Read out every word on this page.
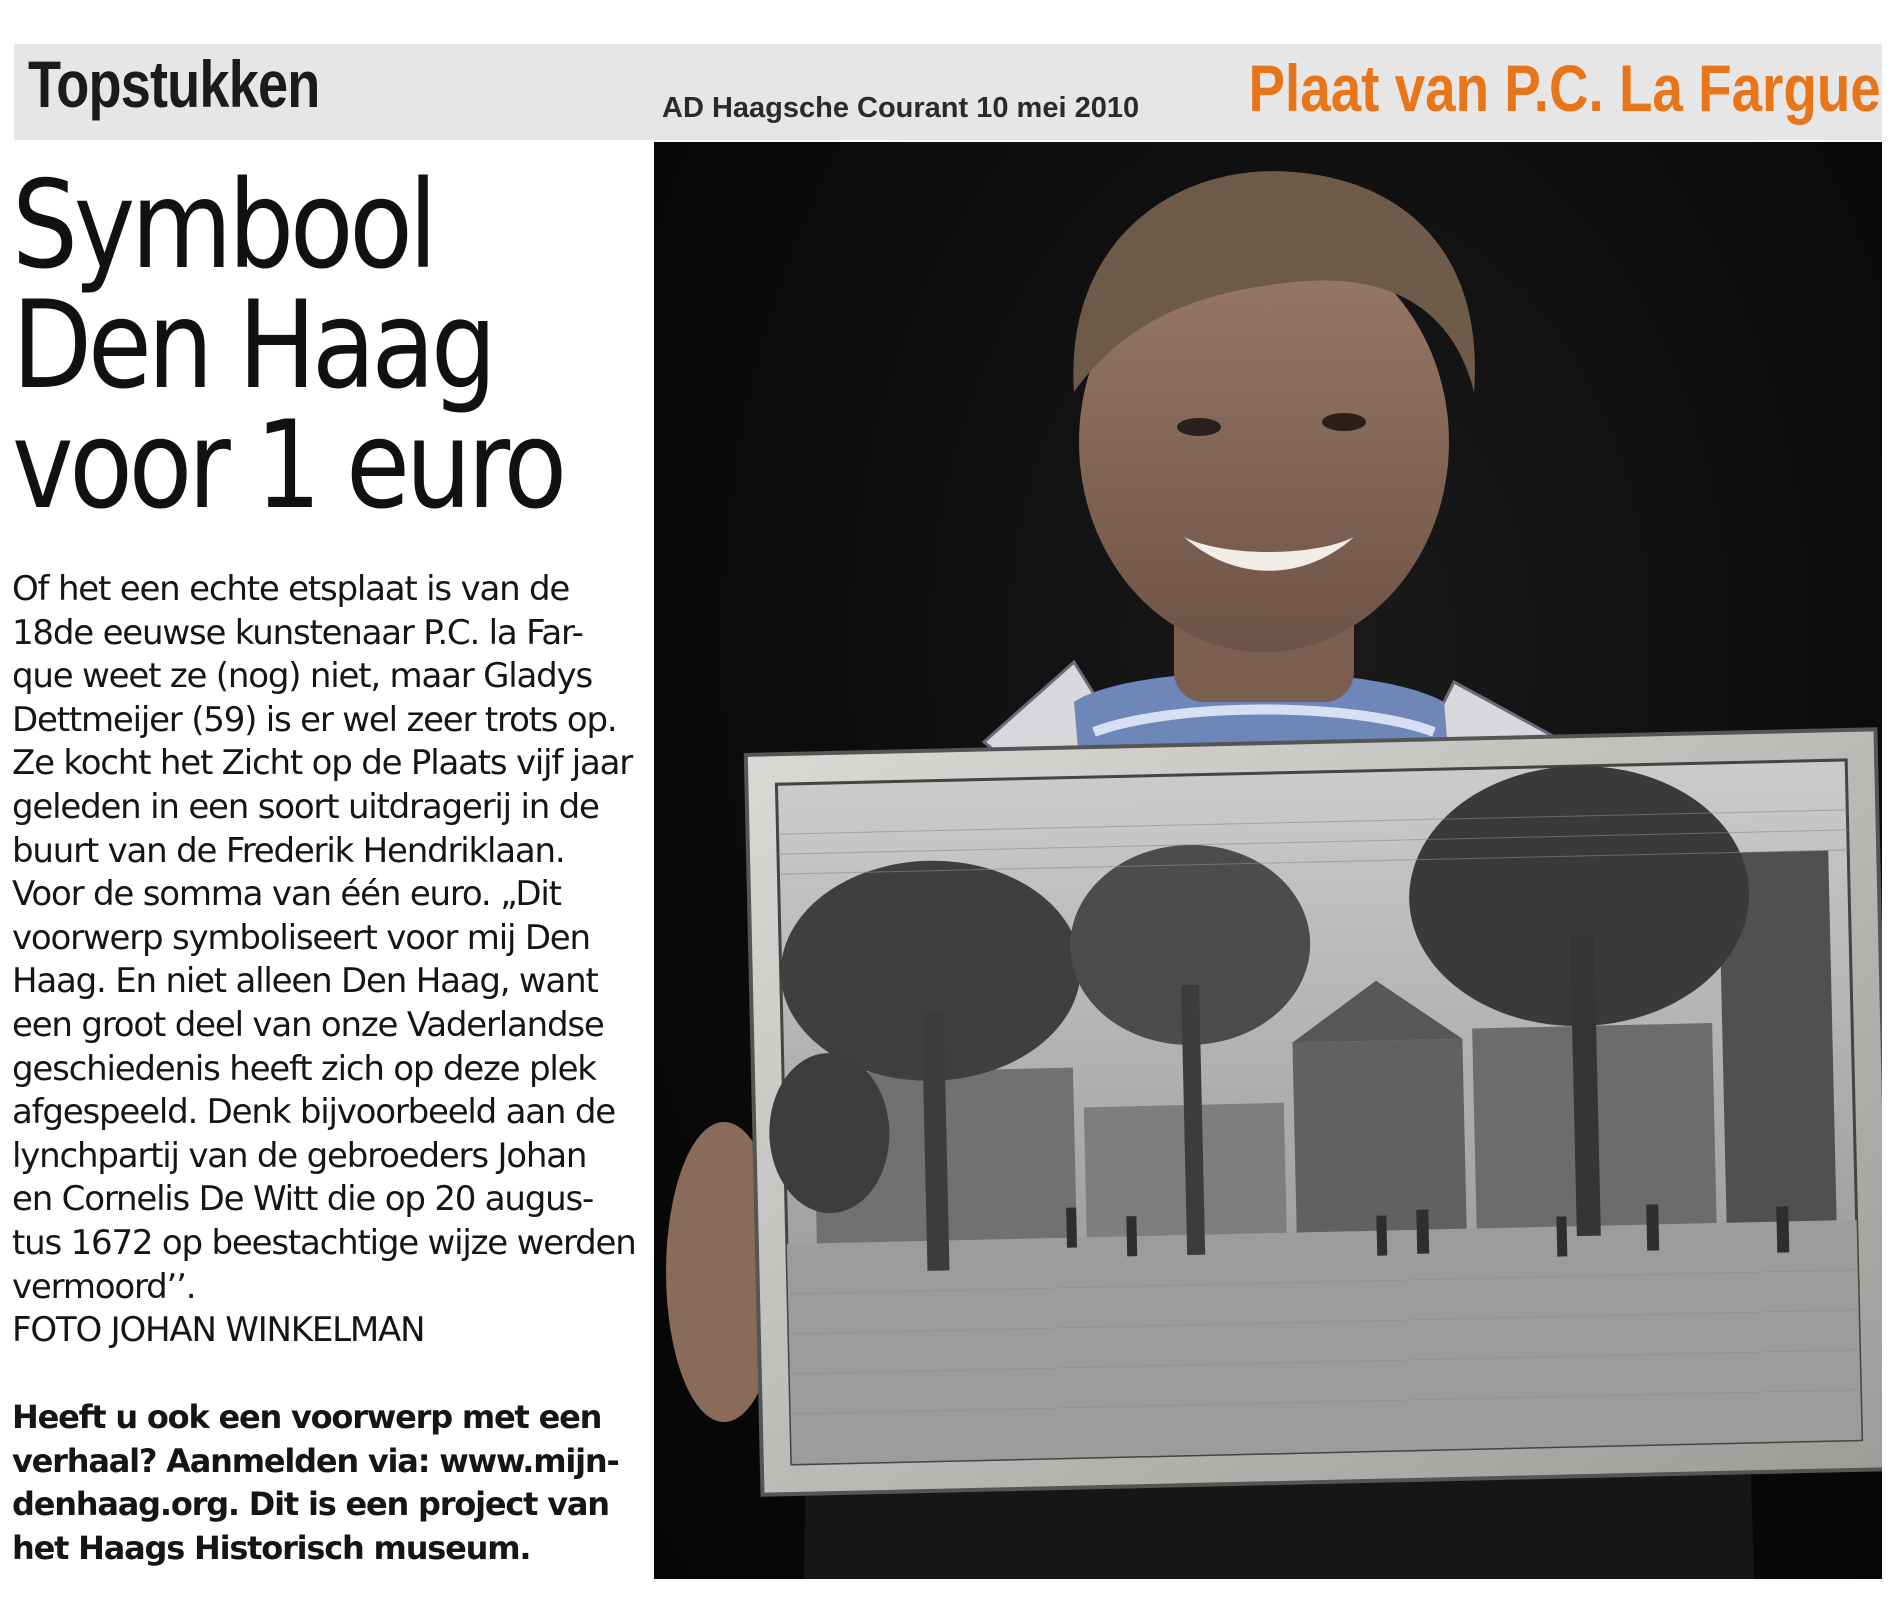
Topstukken	AD Haagsche Courant 10 mei 2010 Plaat van P.C. La Fargue
Symbool
Den Haag
voor 1 euro
Of het een echte etsplaat is van de
18de eeuwse kunstenaar P.C. la Far-
que weet ze (nog) niet, maar Gladys
Dettmeijer (59) is er wel zeer trots op.
Ze kocht het Zicht op de Plaats vijf jaar
geleden in een soort uitdragerij in de
buurt van de Frederik Hendriklaan.
Voor de somma van één euro. „Dit
voorwerp symboliseert voor mij Den
Haag. En niet alleen Den Haag, want
een groot deel van onze Vaderlandse
geschiedenis heeft zich op deze plek
afgespeeld. Denk bijvoorbeeld aan de
lynchpartij van de gebroeders Johan
en Cornelis De Witt die op 20 augus-
tus 1672 op beestachtige wijze werden
vermoord’’.
FOTO JOHAN WINKELMAN
Heeft u ook een voorwerp met een
verhaal? Aanmelden via: www.mijn-
denhaag.org. Dit is een project van
het Haags Historisch museum.
